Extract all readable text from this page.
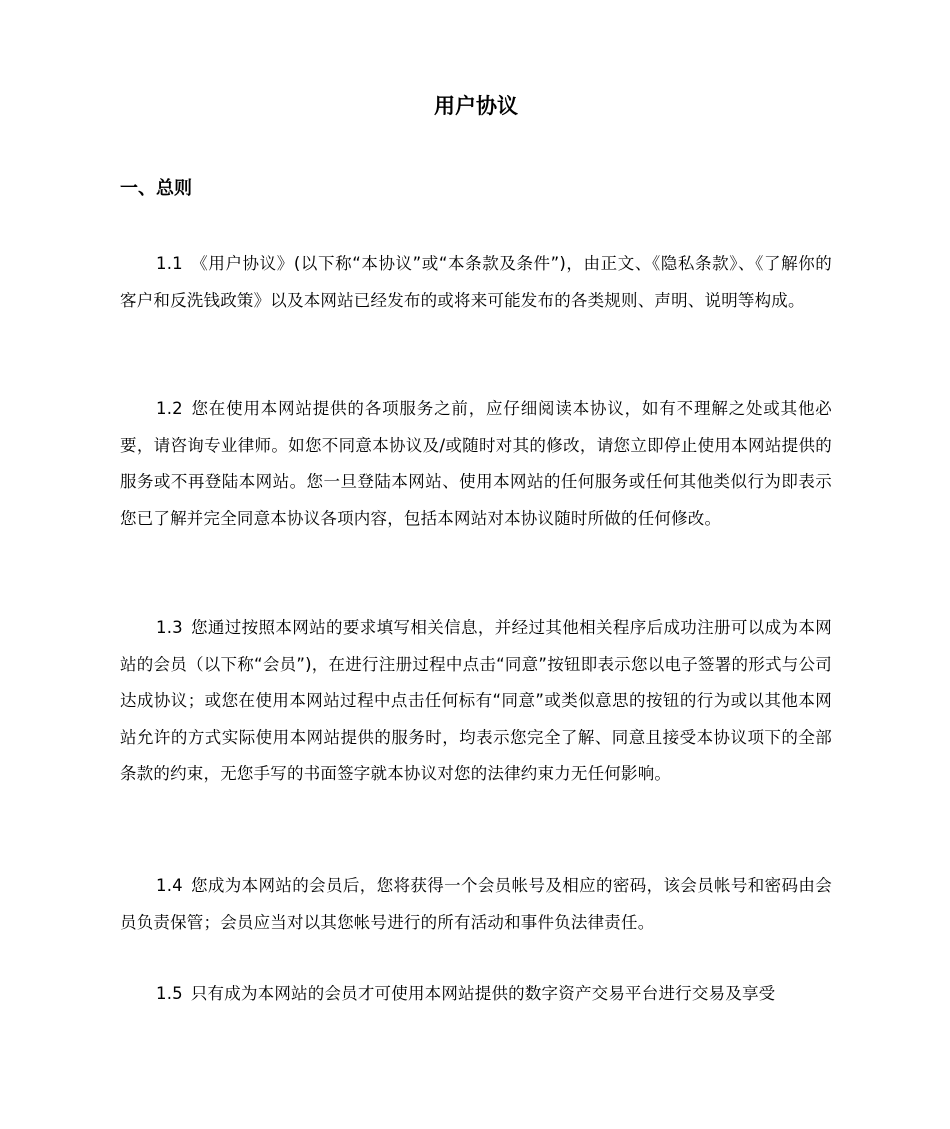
用户协议
一、总则

1.1 《用户协议》(以下称“本协议”或“本条款及条件”)，由正文、《隐私条款》、《了解你的客户和反洗钱政策》以及本网站已经发布的或将来可能发布的各类规则、声明、说明等构成。

1.2 您在使用本网站提供的各项服务之前，应仔细阅读本协议，如有不理解之处或其他必要，请咨询专业律师。如您不同意本协议及/或随时对其的修改，请您立即停止使用本网站提供的服务或不再登陆本网站。您一旦登陆本网站、使用本网站的任何服务或任何其他类似行为即表示您已了解并完全同意本协议各项内容，包括本网站对本协议随时所做的任何修改。

1.3 您通过按照本网站的要求填写相关信息，并经过其他相关程序后成功注册可以成为本网站的会员（以下称“会员”)，在进行注册过程中点击“同意”按钮即表示您以电子签署的形式与公司达成协议；或您在使用本网站过程中点击任何标有“同意”或类似意思的按钮的行为或以其他本网站允许的方式实际使用本网站提供的服务时，均表示您完全了解、同意且接受本协议项下的全部条款的约束，无您手写的书面签字就本协议对您的法律约束力无任何影响。

1.4 您成为本网站的会员后，您将获得一个会员帐号及相应的密码，该会员帐号和密码由会员负责保管；会员应当对以其您帐号进行的所有活动和事件负法律责任。

1.5 只有成为本网站的会员才可使用本网站提供的数字资产交易平台进行交易及享受
